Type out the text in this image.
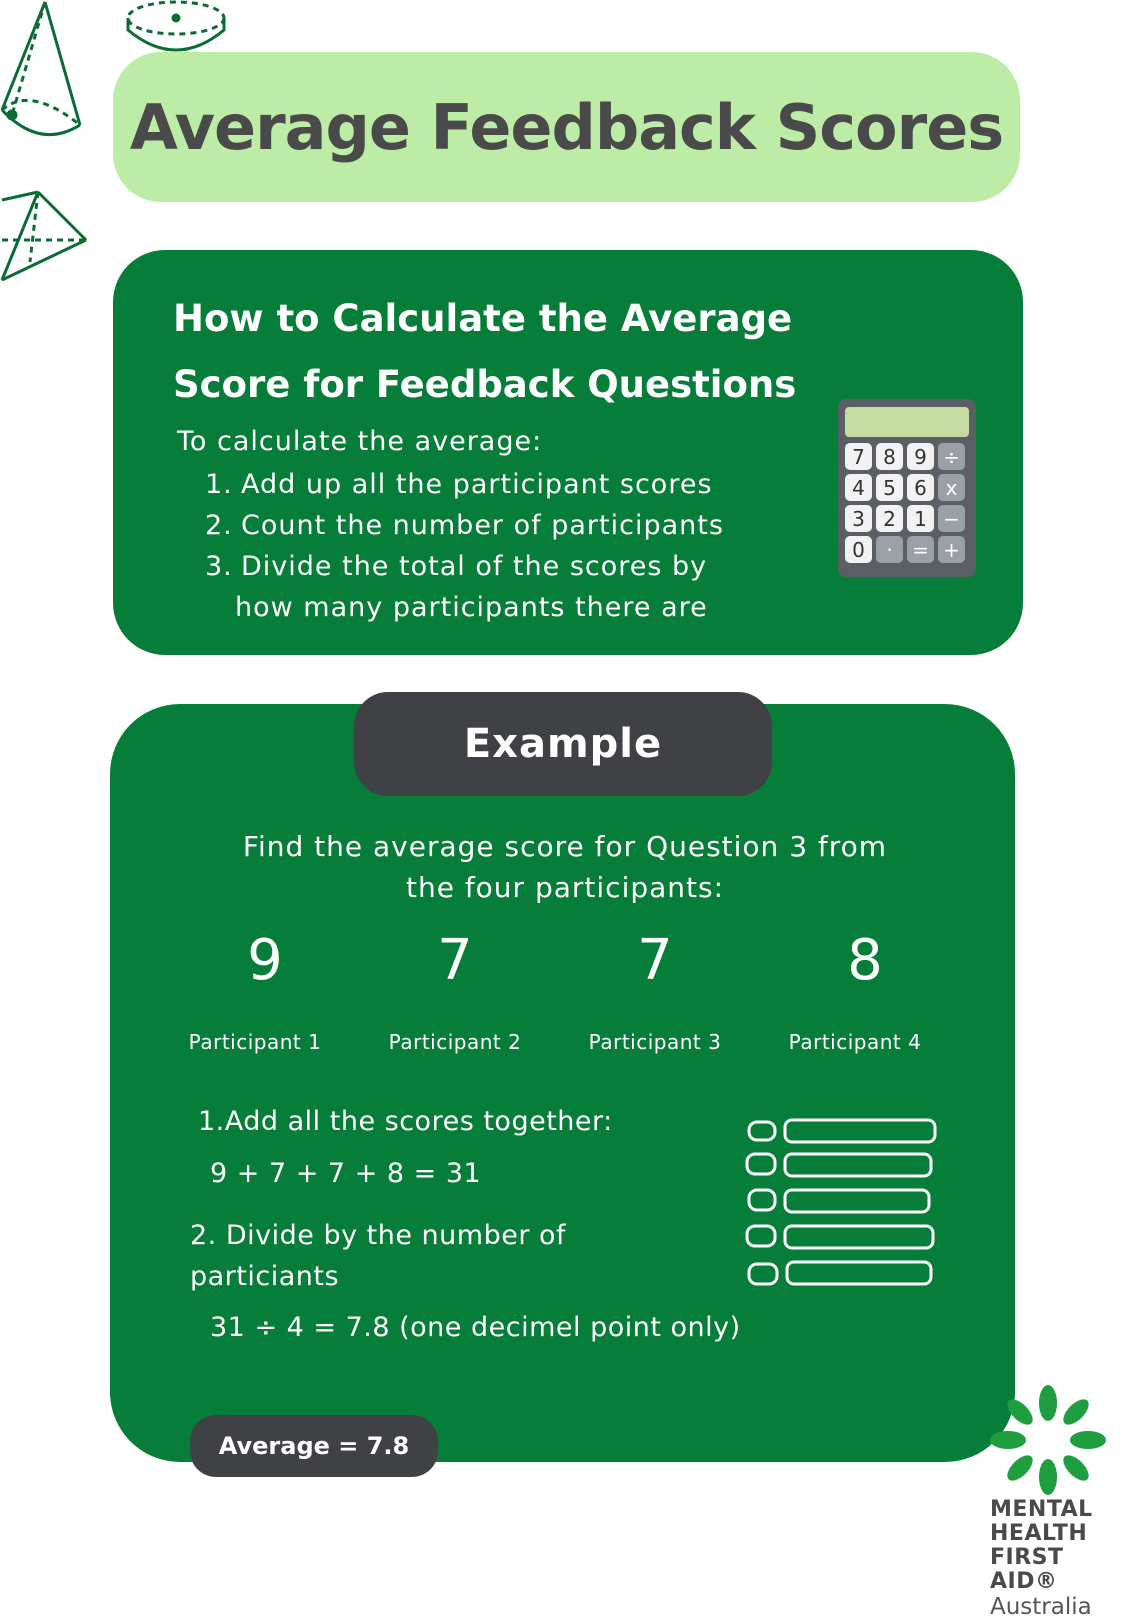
Average Feedback Scores
How to Calculate the Average Score for Feedback Questions
To calculate the average:
1. Add up all the participant scores
2. Count the number of participants
3. Divide the total of the scores by
how many participants there are
7 8 9 ÷
4 5 6 x
3 2 1 −
0	· = +
Example
Find the average score for Question 3 from
the four participants:
9	7	7	8
Participant 1	Participant 2	Participant 3	Participant 4
1.Add all the scores together:
9 + 7 + 7 + 8 = 31
2. Divide by the number of
particiants
31 ÷ 4 = 7.8 (one decimel point only)
Average = 7.8
MENTAL
HEALTH
FIRST AID®
Australia
